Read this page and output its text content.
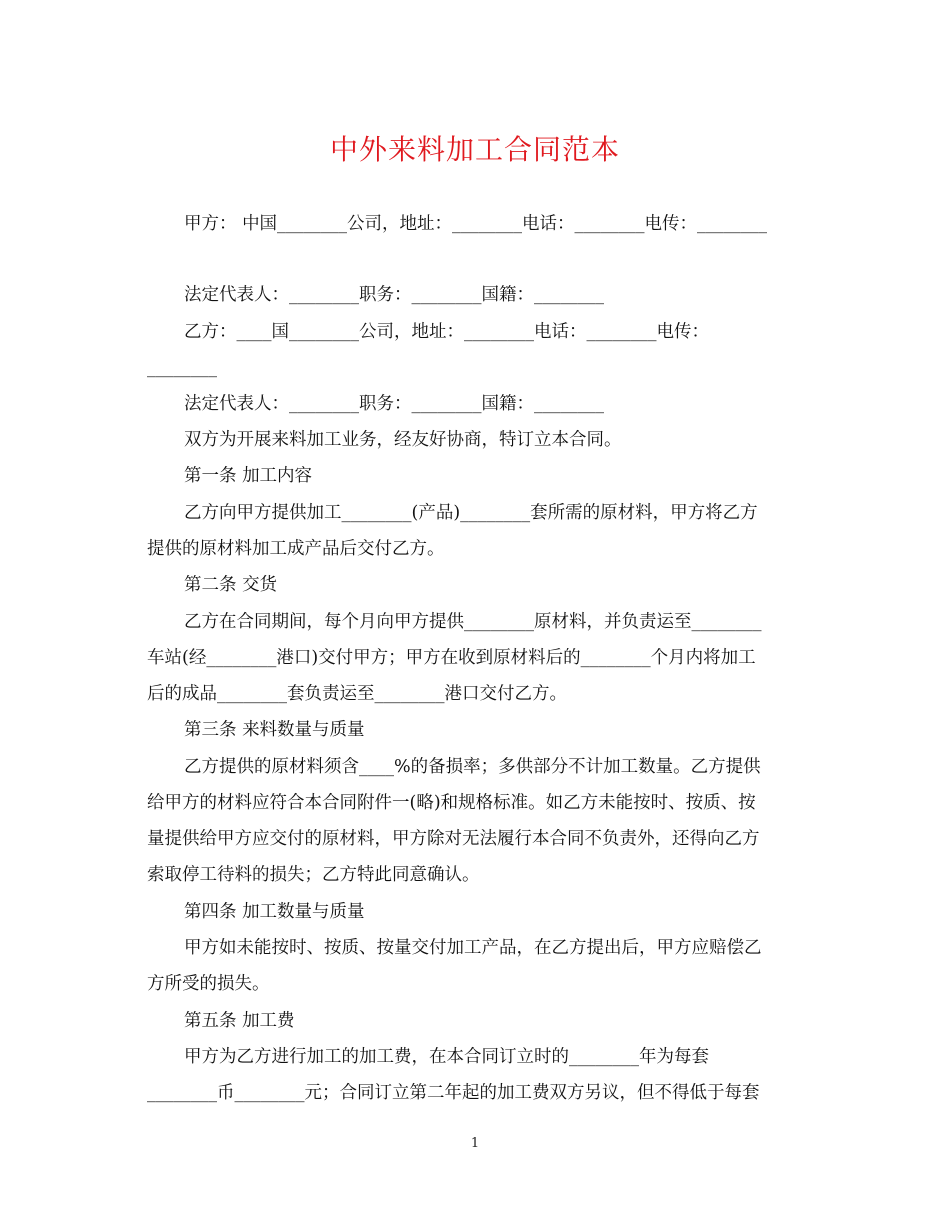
中外来料加工合同范本
甲方： 中国________公司，地址：________电话：________电传：________
法定代表人：________职务：________国籍：________
乙方：____国________公司，地址：________电话：________电传：
________
法定代表人：________职务：________国籍：________
双方为开展来料加工业务，经友好协商，特订立本合同。
第一条 加工内容
乙方向甲方提供加工________(产品)________套所需的原材料，甲方将乙方
提供的原材料加工成产品后交付乙方。
第二条 交货
乙方在合同期间，每个月向甲方提供________原材料，并负责运至________
车站(经________港口)交付甲方；甲方在收到原材料后的________个月内将加工
后的成品________套负责运至________港口交付乙方。
第三条 来料数量与质量
乙方提供的原材料须含____%的备损率；多供部分不计加工数量。乙方提供
给甲方的材料应符合本合同附件一(略)和规格标准。如乙方未能按时、按质、按
量提供给甲方应交付的原材料，甲方除对无法履行本合同不负责外，还得向乙方
索取停工待料的损失；乙方特此同意确认。
第四条 加工数量与质量
甲方如未能按时、按质、按量交付加工产品，在乙方提出后，甲方应赔偿乙
方所受的损失。
第五条 加工费
甲方为乙方进行加工的加工费，在本合同订立时的________年为每套
________币________元；合同订立第二年起的加工费双方另议，但不得低于每套
1
